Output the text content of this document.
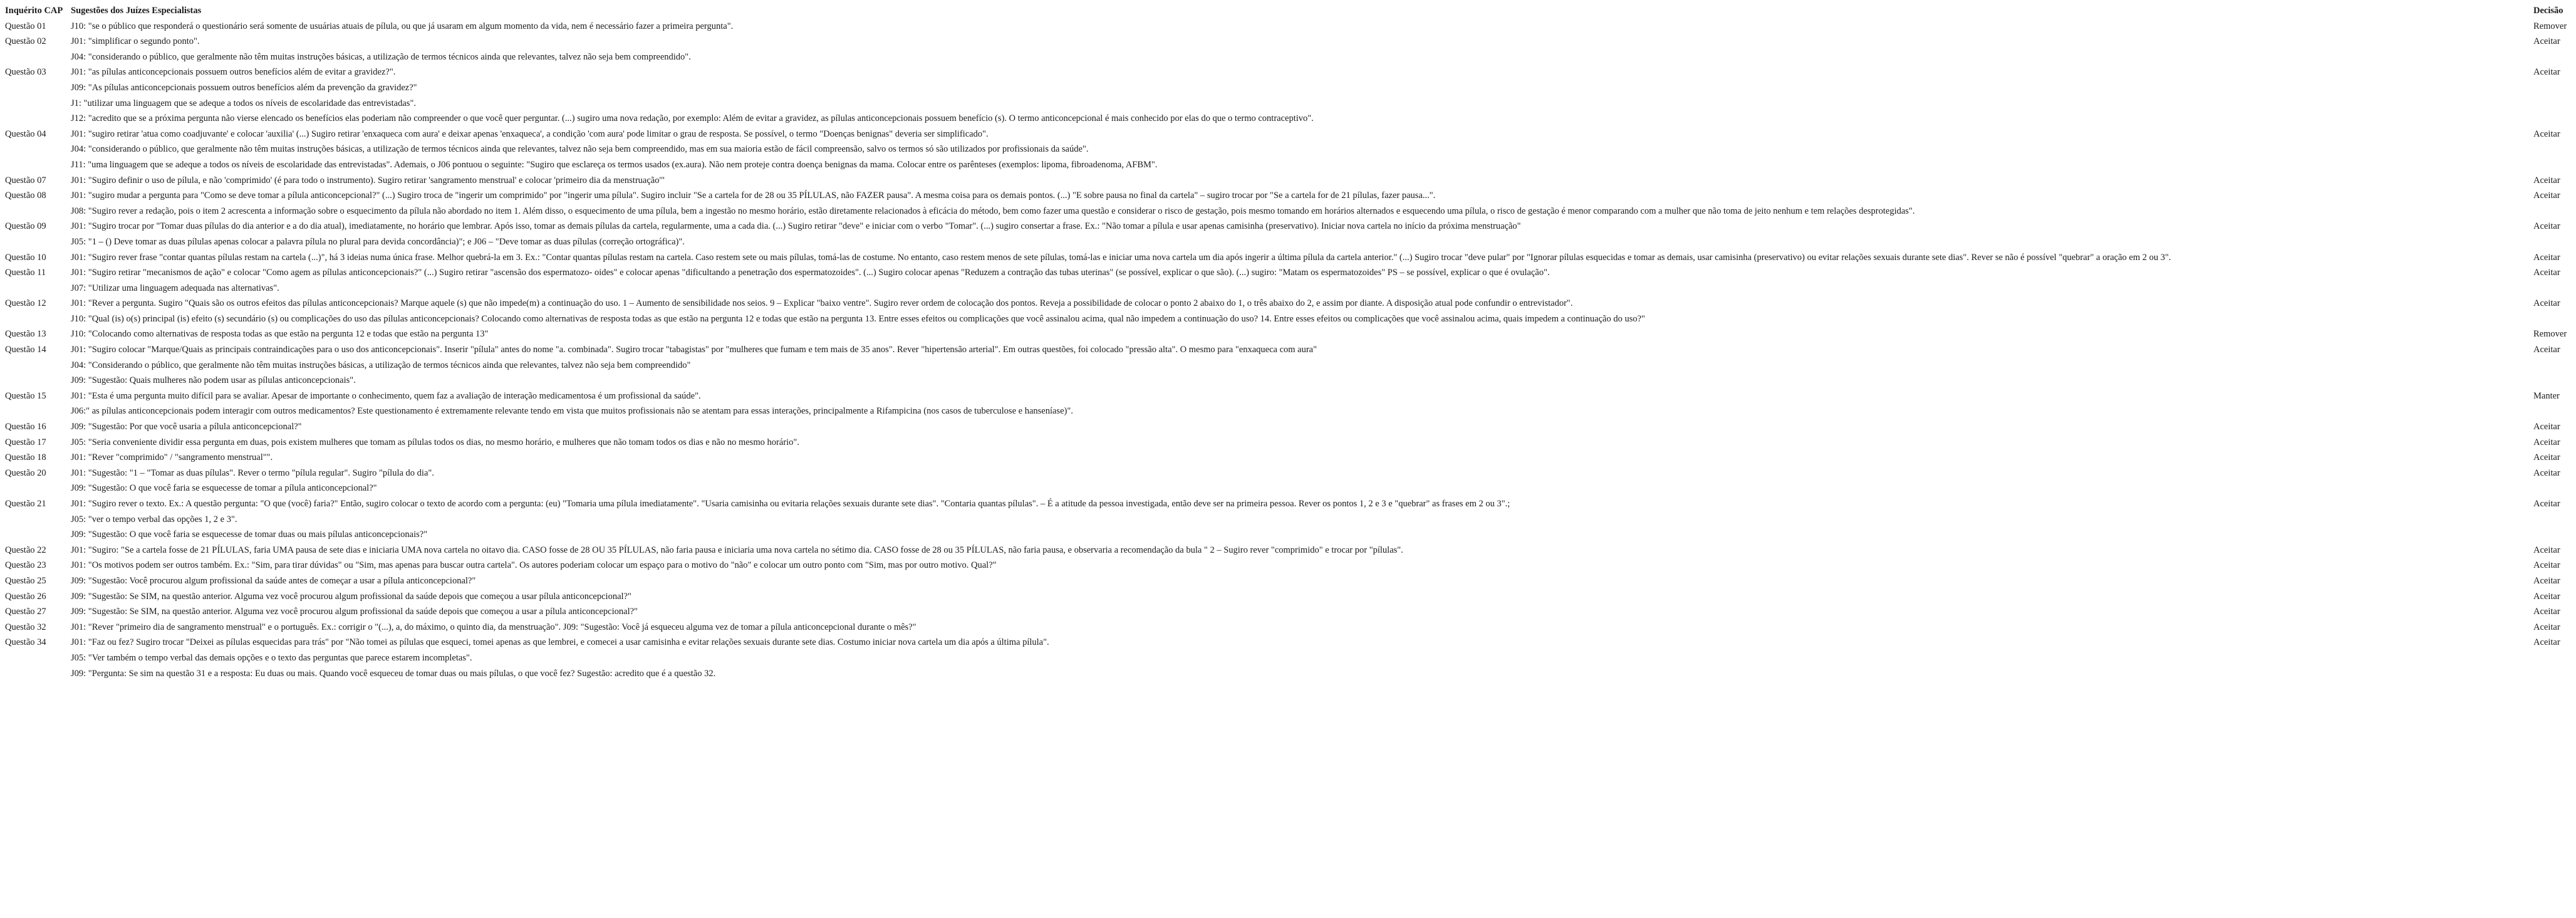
Inquérito CAP	Sugestões dos Juízes Especialistas	Decisão
Questão 01	J10: "se o público que responderá o questionário será somente de usuárias atuais de pílula, ou que já usaram em algum momento da vida, nem é necessário fazer a primeira pergunta".	Remover
Questão 02	J01: "simplificar o segundo ponto".	Aceitar
	J04: "considerando o público, que geralmente não têm muitas instruções básicas, a utilização de termos técnicos ainda que relevantes, talvez não seja bem compreendido".	
Questão 03	J01: "as pílulas anticoncepcionais possuem outros benefícios além de evitar a gravidez?".	Aceitar
	J09: "As pílulas anticoncepcionais possuem outros benefícios além da prevenção da gravidez?"	
	J1: "utilizar uma linguagem que se adeque a todos os níveis de escolaridade das entrevistadas".	
	J12: "acredito que se a próxima pergunta não vierse elencado os benefícios elas poderiam não compreender o que você quer perguntar. (...) sugiro uma nova redação, por exemplo: Além de evitar a gravidez, as pílulas anticoncepcionais possuem benefício (s). O termo anticoncepcional é mais conhecido por elas do que o termo contraceptivo".	
Questão 04	J01: "sugiro retirar 'atua como coadjuvante' e colocar 'auxilia' (...) Sugiro retirar 'enxaqueca com aura' e deixar apenas 'enxaqueca', a condição 'com aura' pode limitar o grau de resposta. Se possível, o termo "Doenças benignas" deveria ser simplificado".	Aceitar
	J04: "considerando o público, que geralmente não têm muitas instruções básicas, a utilização de termos técnicos ainda que relevantes, talvez não seja bem compreendido, mas em sua maioria estão de fácil compreensão, salvo os termos só são utilizados por profissionais da saúde".	
	J11: "uma linguagem que se adeque a todos os níveis de escolaridade das entrevistadas". Ademais, o J06 pontuou o seguinte: "Sugiro que esclareça os termos usados (ex.aura). Não nem proteje contra doença benignas da mama. Colocar entre os parênteses (exemplos: lipoma, fibroadenoma, AFBM".	
Questão 07	J01: "Sugiro definir o uso de pílula, e não 'comprimido' (é para todo o instrumento). Sugiro retirar 'sangramento menstrual' e colocar 'primeiro dia da menstruação'"	Aceitar
Questão 08	J01: "sugiro mudar a pergunta para "Como se deve tomar a pílula anticoncepcional?" (...) Sugiro troca de "ingerir um comprimido" por "ingerir uma pílula". Sugiro incluir "Se a cartela for de 28 ou 35 PÍLULAS, não FAZER pausa". A mesma coisa para os demais pontos. (...) "E sobre pausa no final da cartela" – sugiro trocar por "Se a cartela for de 21 pílulas, fazer pausa...".	Aceitar
	J08: "Sugiro rever a redação, pois o item 2 acrescenta a informação sobre o esquecimento da pílula não abordado no item 1. Além disso, o esquecimento de uma pílula, bem a ingestão no mesmo horário, estão diretamente relacionados à eficácia do método, bem como fazer uma questão e considerar o risco de gestação, pois mesmo tomando em horários alternados e esquecendo uma pílula, o risco de gestação é menor comparando com a mulher que não toma de jeito nenhum e tem relações desprotegidas".	
Questão 09	J01: "Sugiro trocar por "Tomar duas pílulas do dia anterior e a do dia atual), imediatamente, no horário que lembrar. Após isso, tomar as demais pílulas da cartela, regularmente, uma a cada dia. (...) Sugiro retirar "deve" e iniciar com o verbo "Tomar". (...) sugiro consertar a frase. Ex.: "Não tomar a pílula e usar apenas camisinha (preservativo). Iniciar nova cartela no início da próxima menstruação"	Aceitar
	J05: "1 – () Deve tomar as duas pílulas apenas colocar a palavra pílula no plural para devida concordância)"; e J06 – "Deve tomar as duas pílulas (correção ortográfica)".	
Questão 10	J01: "Sugiro rever frase "contar quantas pílulas restam na cartela (...)", há 3 ideias numa única frase. Melhor quebrá-la em 3. Ex.: "Contar quantas pílulas restam na cartela. Caso restem sete ou mais pílulas, tomá-las de costume. No entanto, caso restem menos de sete pílulas, tomá-las e iniciar uma nova cartela um dia após ingerir a última pílula da cartela anterior." (...) Sugiro trocar "deve pular" por "Ignorar pílulas esquecidas e tomar as demais, usar camisinha (preservativo) ou evitar relações sexuais durante sete dias". Rever se não é possível "quebrar" a oração em 2 ou 3".	Aceitar
Questão 11	J01: "Sugiro retirar "mecanismos de ação" e colocar "Como agem as pílulas anticoncepcionais?" (...) Sugiro retirar "ascensão dos espermatozo- oides" e colocar apenas "dificultando a penetração dos espermatozoides". (...) Sugiro colocar apenas "Reduzem a contração das tubas uterinas" (se possível, explicar o que são). (...) sugiro: "Matam os espermatozoides" PS – se possível, explicar o que é ovulação".	Aceitar
	J07: "Utilizar uma linguagem adequada nas alternativas".	
Questão 12	J01: "Rever a pergunta. Sugiro "Quais são os outros efeitos das pílulas anticoncepcionais? Marque aquele (s) que não impede(m) a continuação do uso. 1 – Aumento de sensibilidade nos seios. 9 – Explicar "baixo ventre". Sugiro rever ordem de colocação dos pontos. Reveja a possibilidade de colocar o ponto 2 abaixo do 1, o três abaixo do 2, e assim por diante. A disposição atual pode confundir o entrevistador".	Aceitar
	J10: "Qual (is) o(s) principal (is) efeito (s) secundário (s) ou complicações do uso das pílulas anticoncepcionais? Colocando como alternativas de resposta todas as que estão na pergunta 12 e todas que estão na pergunta 13. Entre esses efeitos ou complicações que você assinalou acima, qual não impedem a continuação do uso? 14. Entre esses efeitos ou complicações que você assinalou acima, quais impedem a continuação do uso?"	
Questão 13	J10: "Colocando como alternativas de resposta todas as que estão na pergunta 12 e todas que estão na pergunta 13"	Remover
Questão 14	J01: "Sugiro colocar "Marque/Quais as principais contraindicações para o uso dos anticoncepcionais". Inserir "pílula" antes do nome "a. combinada". Sugiro trocar "tabagistas" por "mulheres que fumam e tem mais de 35 anos". Rever "hipertensão arterial". Em outras questões, foi colocado "pressão alta". O mesmo para "enxaqueca com aura"	Aceitar
	J04: "Considerando o público, que geralmente não têm muitas instruções básicas, a utilização de termos técnicos ainda que relevantes, talvez não seja bem compreendido"	
	J09: "Sugestão: Quais mulheres não podem usar as pílulas anticoncepcionais".	
Questão 15	J01: "Esta é uma pergunta muito difícil para se avaliar. Apesar de importante o conhecimento, quem faz a avaliação de interação medicamentosa é um profissional da saúde".	Manter
	J06:" as pílulas anticoncepcionais podem interagir com outros medicamentos? Este questionamento é extremamente relevante tendo em vista que muitos profissionais não se atentam para essas interações, principalmente a Rifampicina (nos casos de tuberculose e hanseníase)".	
Questão 16	J09: "Sugestão: Por que você usaria a pílula anticoncepcional?"	Aceitar
Questão 17	J05: "Seria conveniente dividir essa pergunta em duas, pois existem mulheres que tomam as pílulas todos os dias, no mesmo horário, e mulheres que não tomam todos os dias e não no mesmo horário".	Aceitar
Questão 18	J01: "Rever "comprimido" / "sangramento menstrual"".	Aceitar
Questão 20	J01: "Sugestão: "1 – "Tomar as duas pílulas". Rever o termo "pílula regular". Sugiro "pílula do dia".	Aceitar
	J09: "Sugestão: O que você faria se esquecesse de tomar a pílula anticoncepcional?"	
Questão 21	J01: "Sugiro rever o texto. Ex.: A questão pergunta: "O que (você) faria?" Então, sugiro colocar o texto de acordo com a pergunta: (eu) "Tomaria uma pílula imediatamente". "Usaria camisinha ou evitaria relações sexuais durante sete dias". "Contaria quantas pílulas". – É a atitude da pessoa investigada, então deve ser na primeira pessoa. Rever os pontos 1, 2 e 3 e "quebrar" as frases em 2 ou 3".;	Aceitar
	J05: "ver o tempo verbal das opções 1, 2 e 3".	
	J09: "Sugestão: O que você faria se esquecesse de tomar duas ou mais pílulas anticoncepcionais?"	
Questão 22	J01: "Sugiro: "Se a cartela fosse de 21 PÍLULAS, faria UMA pausa de sete dias e iniciaria UMA nova cartela no oitavo dia. CASO fosse de 28 OU 35 PÍLULAS, não faria pausa e iniciaria uma nova cartela no sétimo dia. CASO fosse de 28 ou 35 PÍLULAS, não faria pausa, e observaria a recomendação da bula " 2 – Sugiro rever "comprimido" e trocar por "pílulas".	Aceitar
Questão 23	J01: "Os motivos podem ser outros também. Ex.: "Sim, para tirar dúvidas" ou "Sim, mas apenas para buscar outra cartela". Os autores poderiam colocar um espaço para o motivo do "não" e colocar um outro ponto com "Sim, mas por outro motivo. Qual?"	Aceitar
Questão 25	J09: "Sugestão: Você procurou algum profissional da saúde antes de começar a usar a pílula anticoncepcional?"	Aceitar
Questão 26	J09: "Sugestão: Se SIM, na questão anterior. Alguma vez você procurou algum profissional da saúde depois que começou a usar pílula anticoncepcional?"	Aceitar
Questão 27	J09: "Sugestão: Se SIM, na questão anterior. Alguma vez você procurou algum profissional da saúde depois que começou a usar a pílula anticoncepcional?"	Aceitar
Questão 32	J01: "Rever "primeiro dia de sangramento menstrual" e o português. Ex.: corrigir o "(...), a, do máximo, o quinto dia, da menstruação". J09: "Sugestão: Você já esqueceu alguma vez de tomar a pílula anticoncepcional durante o mês?"	Aceitar
Questão 34	J01: "Faz ou fez? Sugiro trocar "Deixei as pílulas esquecidas para trás" por "Não tomei as pílulas que esqueci, tomei apenas as que lembrei, e comecei a usar camisinha e evitar relações sexuais durante sete dias. Costumo iniciar nova cartela um dia após a última pílula".	Aceitar
	J05: "Ver também o tempo verbal das demais opções e o texto das perguntas que parece estarem incompletas".	
	J09: "Pergunta: Se sim na questão 31 e a resposta: Eu duas ou mais. Quando você esqueceu de tomar duas ou mais pílulas, o que você fez? Sugestão: acredito que é a questão 32.	
